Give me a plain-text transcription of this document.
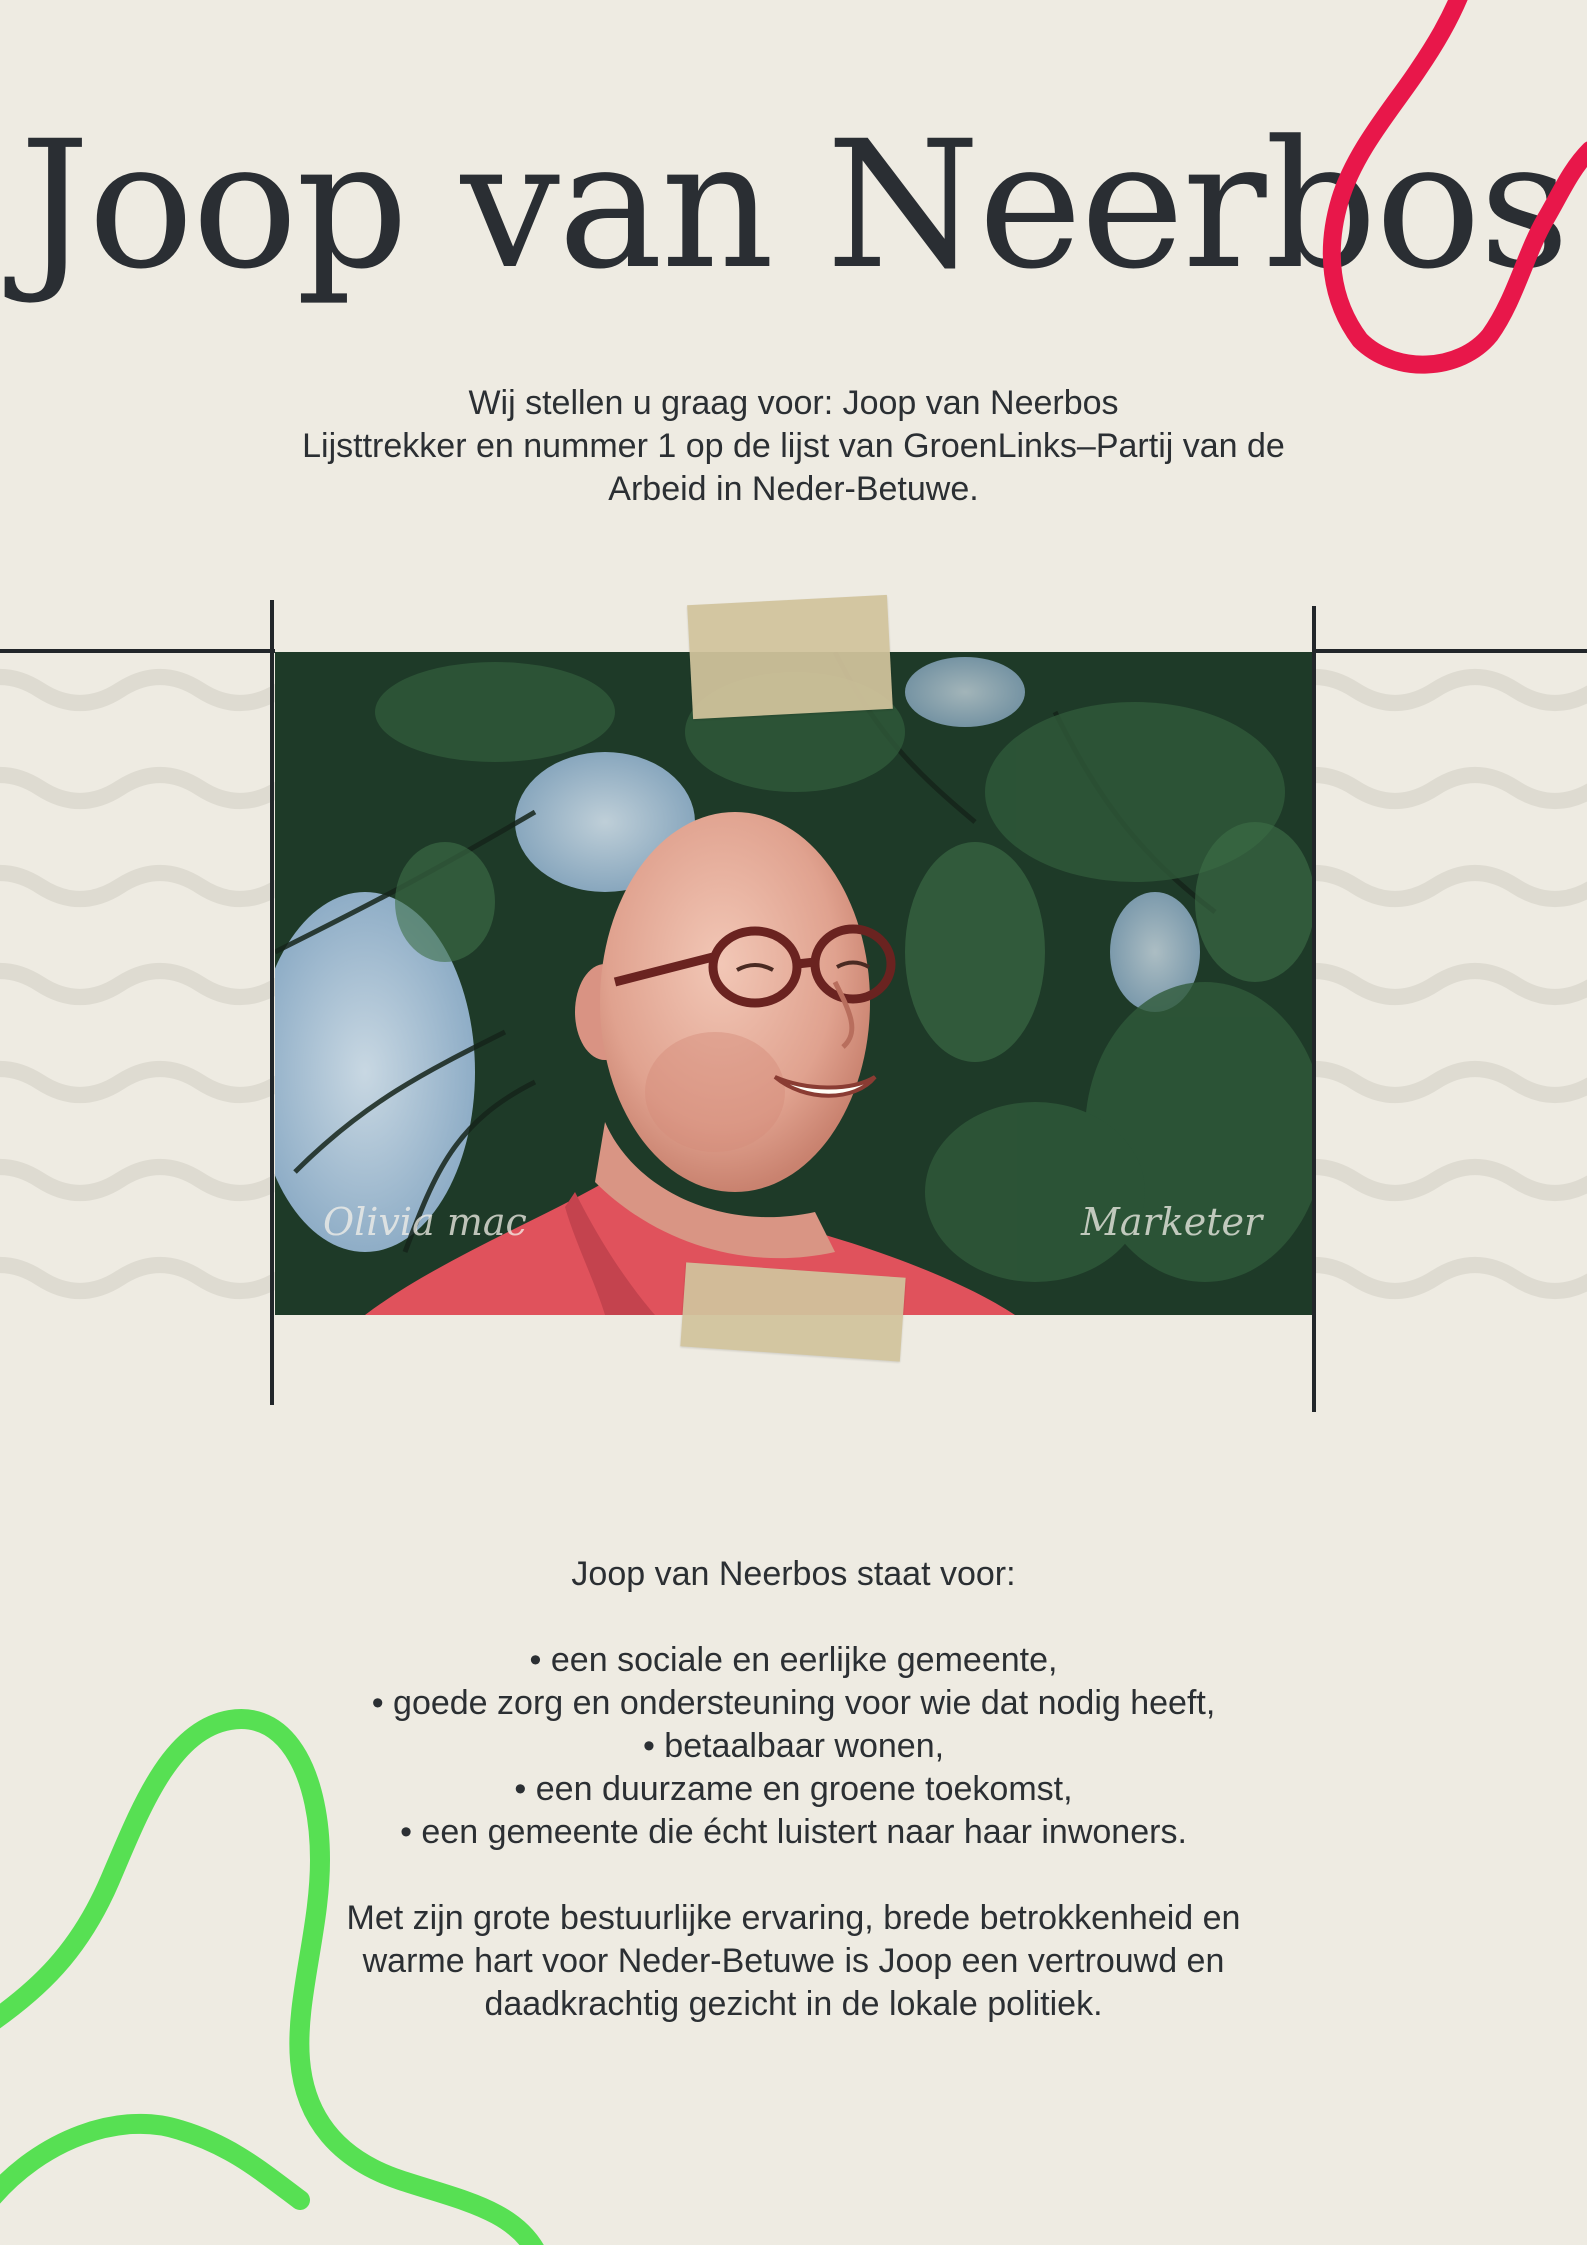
Joop van Neerbos
Wij stellen u graag voor: Joop van Neerbos
Lijsttrekker en nummer 1 op de lijst van GroenLinks–Partij van de
Arbeid in Neder-Betuwe.
Olivia mac	Marketer
Joop van Neerbos staat voor:
• een sociale en eerlijke gemeente,
• goede zorg en ondersteuning voor wie dat nodig heeft,
• betaalbaar wonen,
• een duurzame en groene toekomst,
• een gemeente die écht luistert naar haar inwoners.

Met zijn grote bestuurlijke ervaring, brede betrokkenheid en

warme hart voor Neder-Betuwe is Joop een vertrouwd en

daadkrachtig gezicht in de lokale politiek.
